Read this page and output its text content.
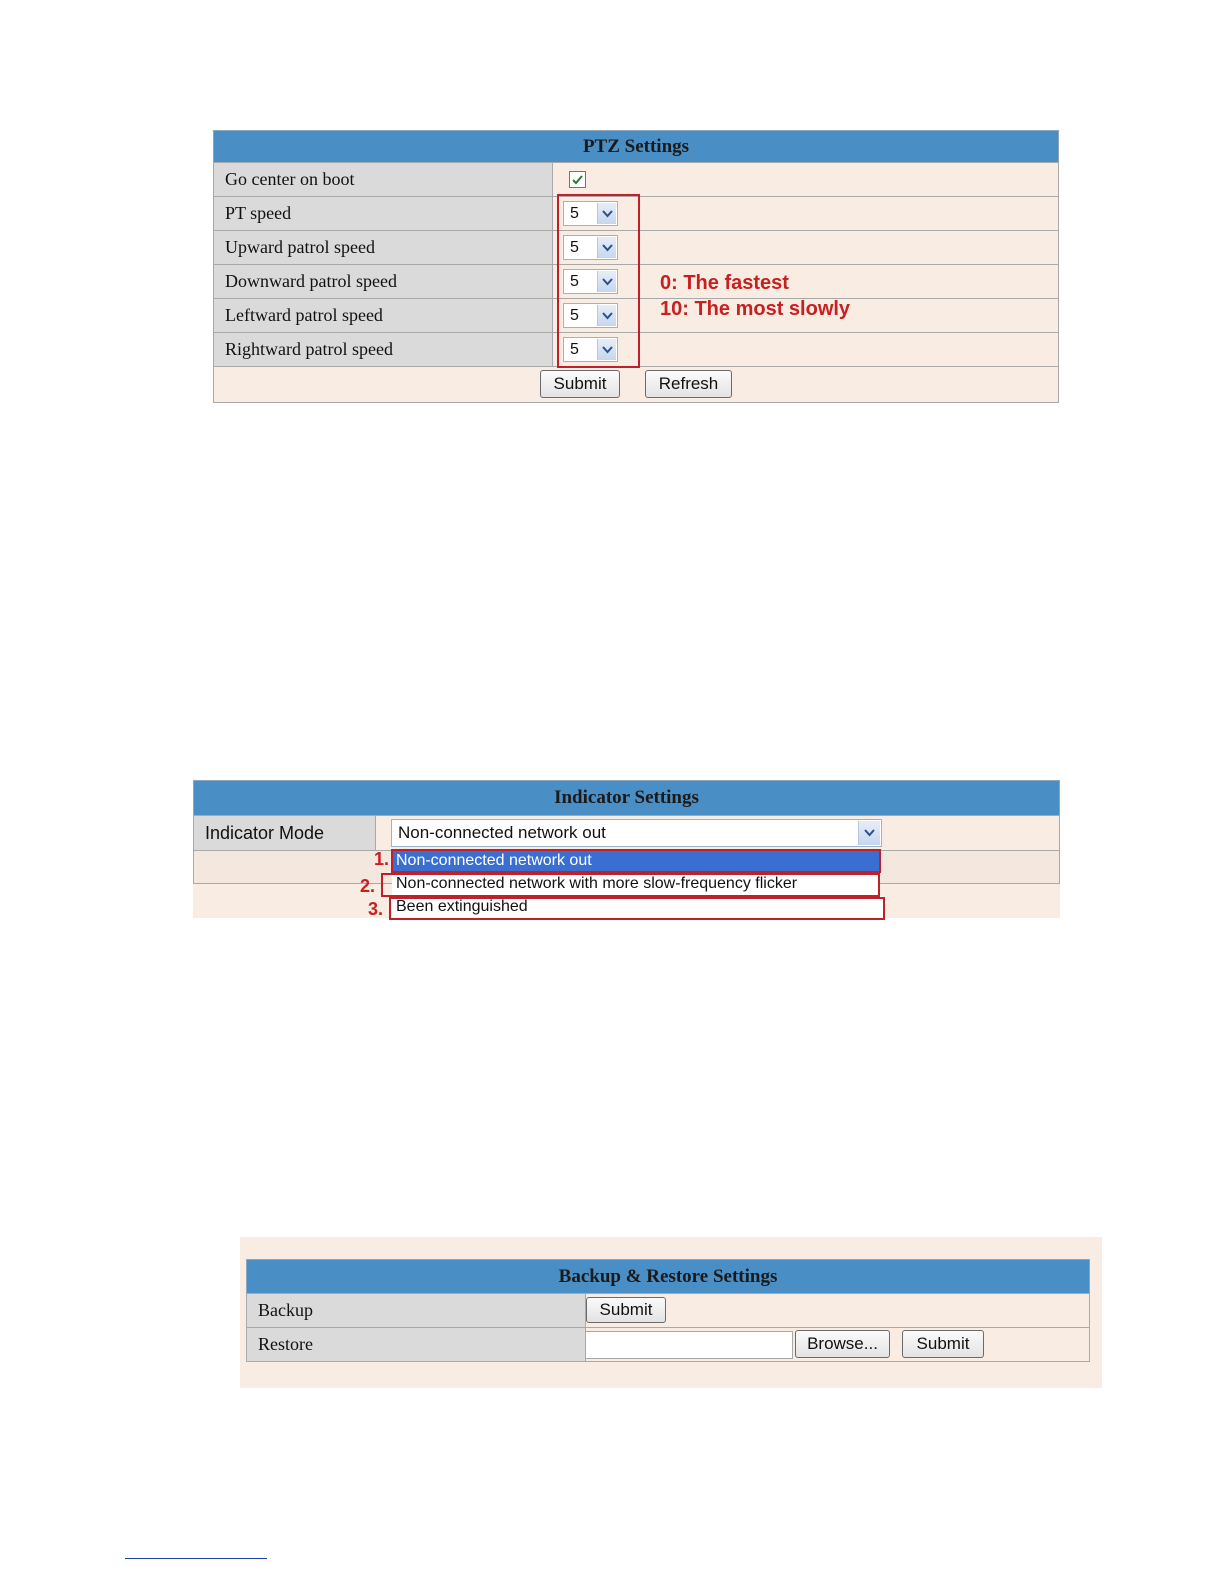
PTZ Settings
Go center on boot
PT speed	5
Upward patrol speed	5
Downward patrol speed	5
Leftward patrol speed	5
Rightward patrol speed	5
Submit	Refresh
0: The fastest
10: The most slowly
Indicator Settings
Indicator Mode	Non-connected network out
Non-connected network out
Non-connected network with more slow-frequency flicker
Been extinguished
1.
2.
3.
Backup & Restore Settings
Backup	Submit
Restore	Browse...	Submit
